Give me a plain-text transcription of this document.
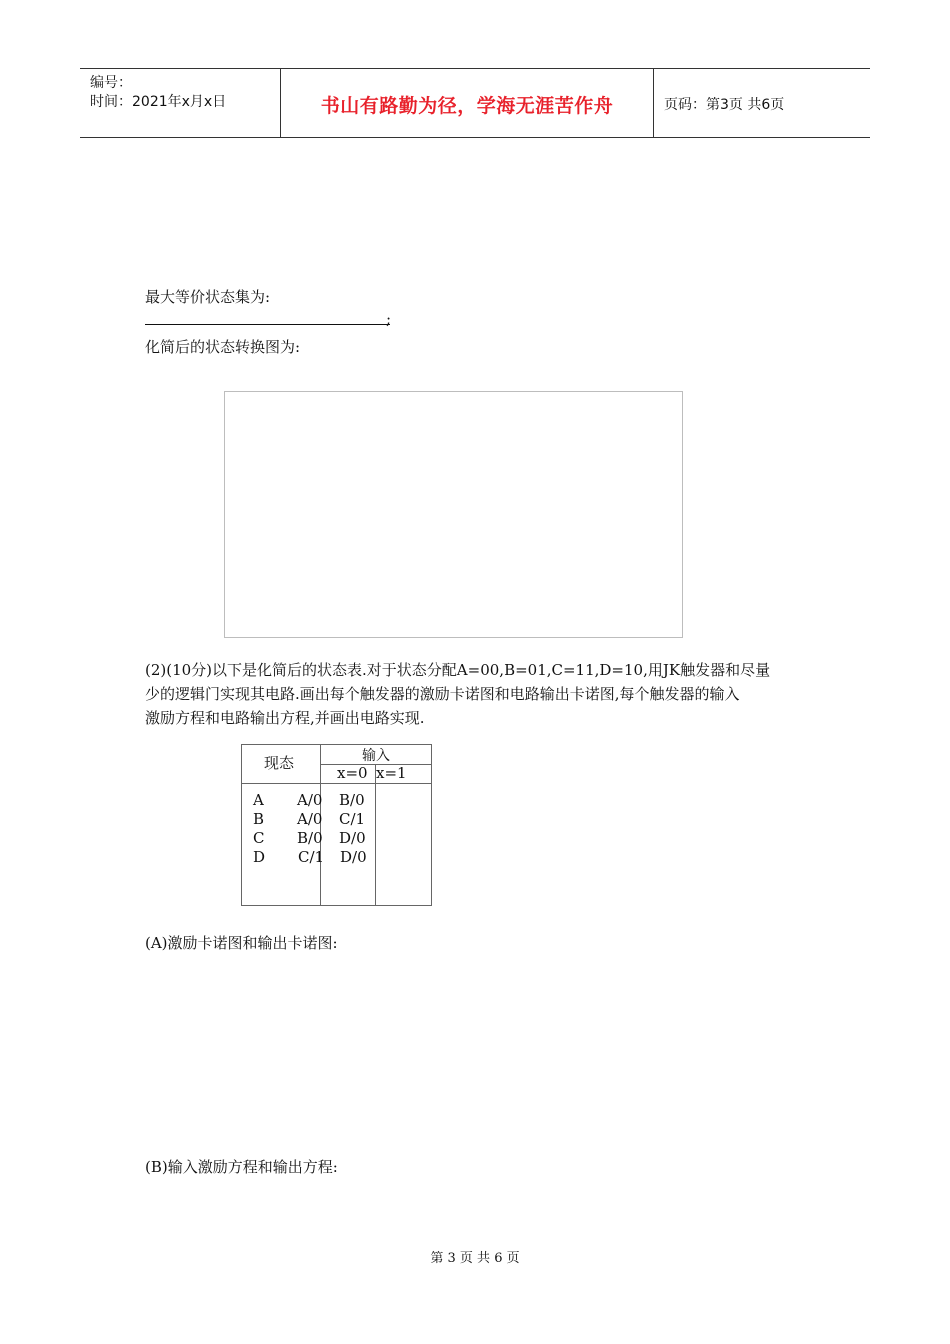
编号：
时间：2021年x月x日	书山有路勤为径，学海无涯苦作舟	页码：第3页 共6页
最大等价状态集为:
;
化简后的状态转换图为:
(2)(10分)以下是化简后的状态表.对于状态分配A=00,B=01,C=11,D=10,用JK触发器和尽量
少的逻辑门实现其电路.画出每个触发器的激励卡诺图和电路输出卡诺图,每个触发器的输入
激励方程和电路输出方程,并画出电路实现.
现态	输入
x=0 x=1
A A/0 B/0
B A/0 C/1
C B/0 D/0
D C/1 D/0
(A)激励卡诺图和输出卡诺图:
(B)输入激励方程和输出方程:
第 3 页 共 6 页
